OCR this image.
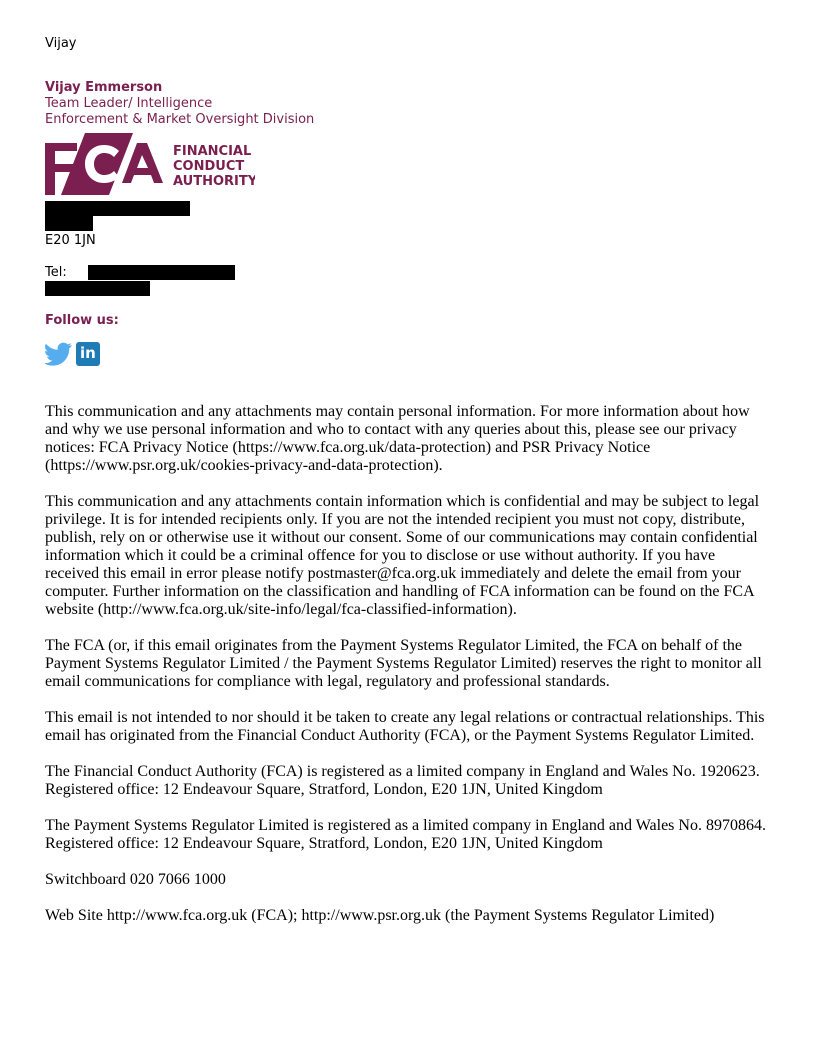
Vijay
Vijay Emmerson
Team Leader/ Intelligence
Enforcement & Market Oversight Division
FINANCIAL
CONDUCT
AUTHORITY
E20 1JN
Tel:
Follow us:
in

This communication and any attachments may contain personal information. For more information about how and why we use personal information and who to contact with any queries about this, please see our privacy notices: FCA Privacy Notice (https://www.fca.org.uk/data-protection) and PSR Privacy Notice (https://www.psr.org.uk/cookies-privacy-and-data-protection).

This communication and any attachments contain information which is confidential and may be subject to legal privilege. It is for intended recipients only. If you are not the intended recipient you must not copy, distribute, publish, rely on or otherwise use it without our consent. Some of our communications may contain confidential information which it could be a criminal offence for you to disclose or use without authority. If you have received this email in error please notify postmaster@fca.org.uk immediately and delete the email from your computer. Further information on the classification and handling of FCA information can be found on the FCA website (http://www.fca.org.uk/site-info/legal/fca-classified-information).

The FCA (or, if this email originates from the Payment Systems Regulator Limited, the FCA on behalf of the Payment Systems Regulator Limited / the Payment Systems Regulator Limited) reserves the right to monitor all email communications for compliance with legal, regulatory and professional standards.

This email is not intended to nor should it be taken to create any legal relations or contractual relationships. This email has originated from the Financial Conduct Authority (FCA), or the Payment Systems Regulator Limited.

The Financial Conduct Authority (FCA) is registered as a limited company in England and Wales No. 1920623.

Registered office: 12 Endeavour Square, Stratford, London, E20 1JN, United Kingdom

The Payment Systems Regulator Limited is registered as a limited company in England and Wales No. 8970864.

Registered office: 12 Endeavour Square, Stratford, London, E20 1JN, United Kingdom

Switchboard 020 7066 1000

Web Site http://www.fca.org.uk (FCA); http://www.psr.org.uk (the Payment Systems Regulator Limited)
